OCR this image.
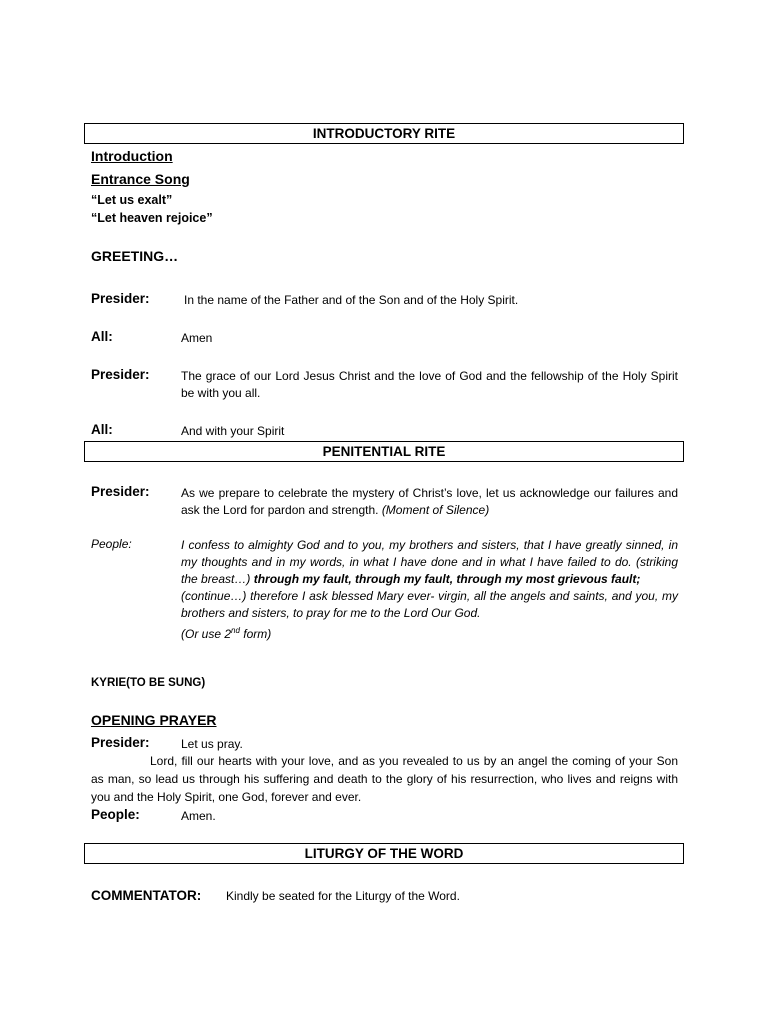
INTRODUCTORY RITE
Introduction
Entrance Song
“Let us exalt”
“Let heaven rejoice”
GREETING…
Presider:	In the name of the Father and of the Son and of the Holy Spirit.
All:	Amen
Presider:	The grace of our Lord Jesus Christ and the love of God and the fellowship of the Holy Spirit be with you all.
All:	And with your Spirit
PENITENTIAL RITE
Presider:	As we prepare to celebrate the mystery of Christ’s love, let us acknowledge our failures and ask the Lord for pardon and strength. (Moment of Silence)
People:	I confess to almighty God and to you, my brothers and sisters, that I have greatly sinned, in my thoughts and in my words, in what I have done and in what I have failed to do. (striking the breast…) through my fault, through my fault, through my most grievous fault;
(continue…) therefore I ask blessed Mary ever- virgin, all the angels and saints, and you, my brothers and sisters, to pray for me to the Lord Our God.
(Or use 2nd form)
KYRIE(TO BE SUNG)
OPENING PRAYER
Presider:	Let us pray.
Lord, fill our hearts with your love, and as you revealed to us by an angel the coming of your Son as man, so lead us through his suffering and death to the glory of his resurrection, who lives and reigns with you and the Holy Spirit, one God, forever and ever.
People:	Amen.
LITURGY OF THE WORD
COMMENTATOR: Kindly be seated for the Liturgy of the Word.
